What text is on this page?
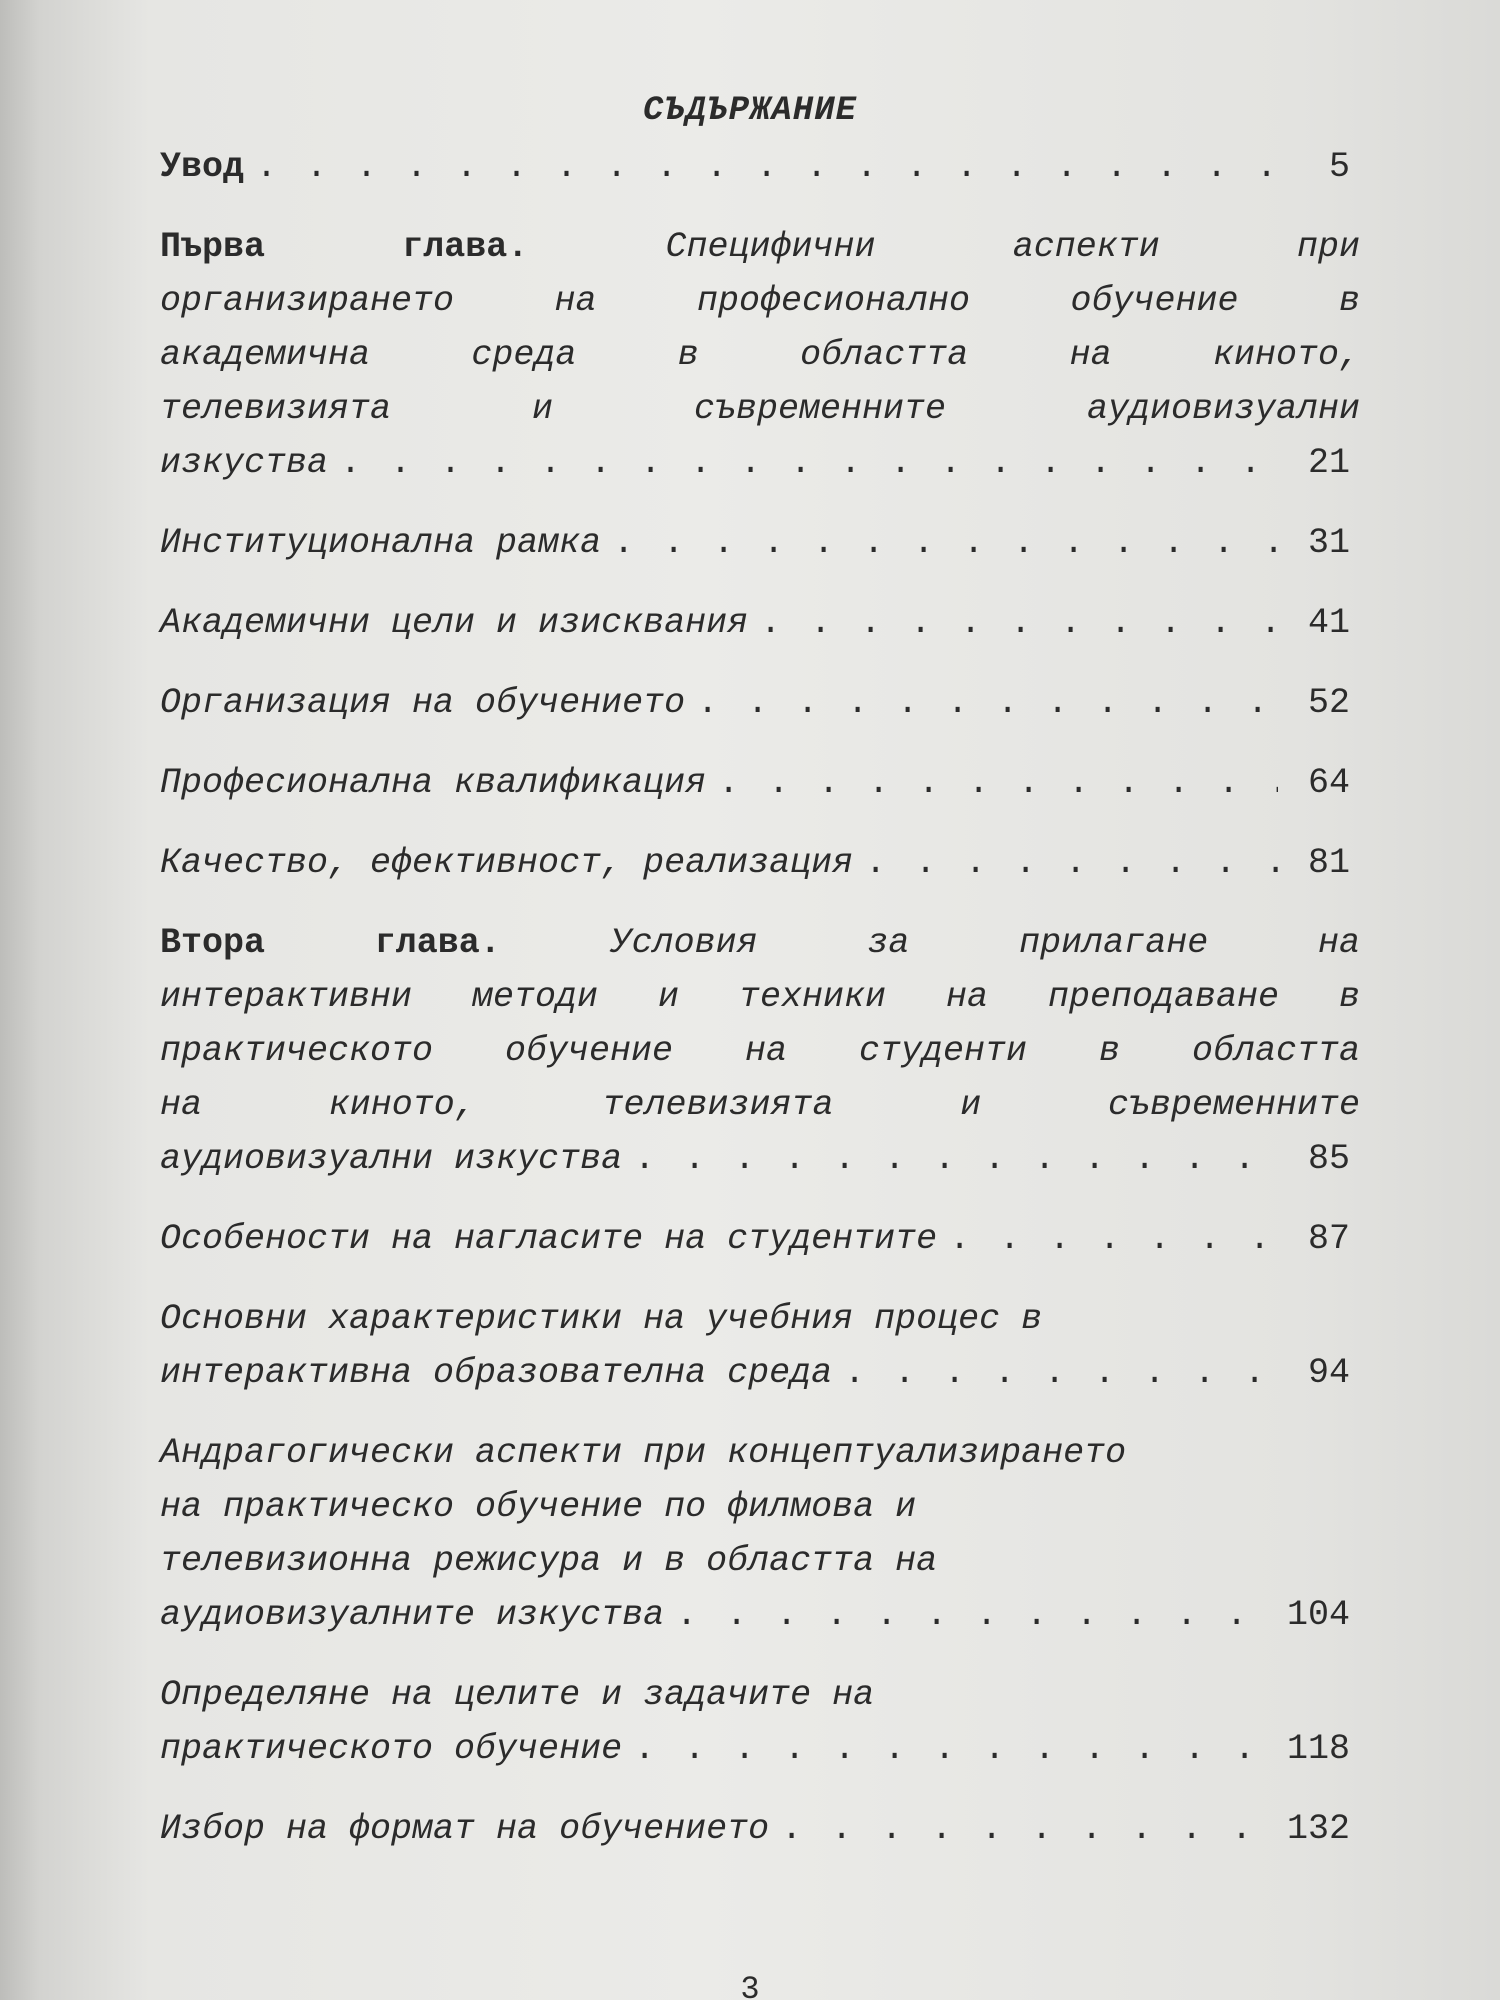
СЪДЪРЖАНИЕ
Увод . . .	5
Първа глава.	Специфични аспекти при
организирането на професионално обучение в
академична среда в областта на киното,
телевизията и съвременните аудиовизуални
изкуства . . .	21
Институционална рамка . . .	31
Академични цели и изисквания . . .	41
Организация на обучението . . .	52
Професионална квалификация . . .	64
Качество, ефективност, реализация . . .	81
Втора глава.	Условия за прилагане на
интерактивни методи и техники на преподаване в
практическото обучение на студенти в областта
на киното, телевизията и съвременните
аудиовизуални изкуства . . .	85
Особености на нагласите на студентите . . .	87
Основни характеристики на учебния процес в
интерактивна образователна среда . . .	94
Андрагогически аспекти при концептуализирането
на практическо обучение по филмова и
телевизионна режисура и в областта на
аудиовизуалните изкуства . . .	104
Определяне на целите и задачите на
практическото обучение . . .	118
Избор на формат на обучението . . .	132
3
